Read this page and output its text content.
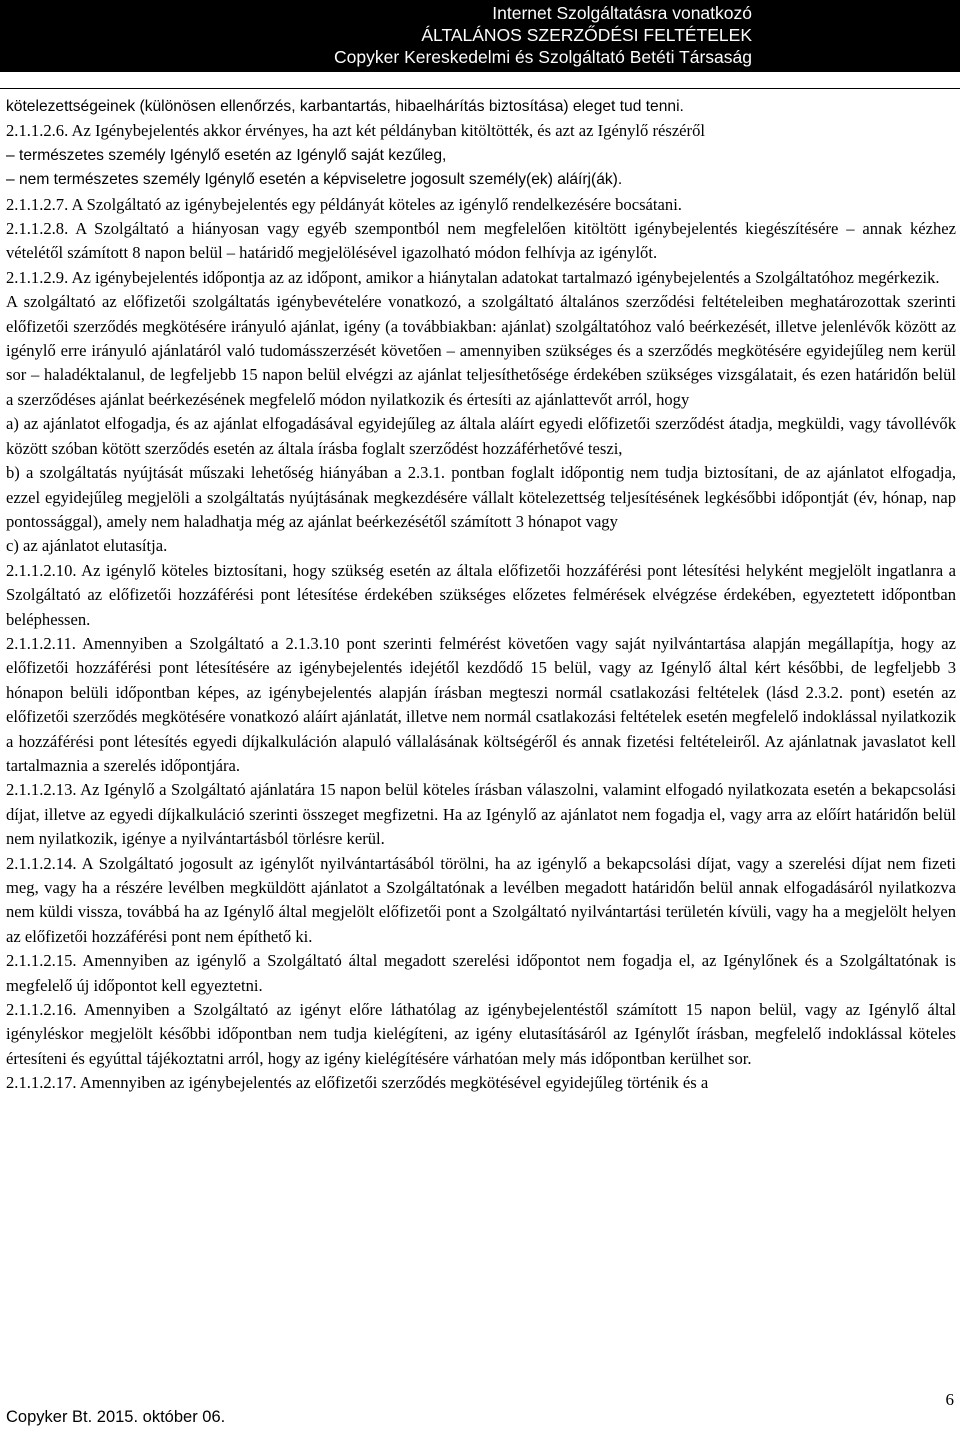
Internet Szolgáltatásra vonatkozó
ÁLTALÁNOS SZERZŐDÉSI FELTÉTELEK
Copyker Kereskedelmi és Szolgáltató Betéti Társaság

kötelezettségeinek (különösen ellenőrzés, karbantartás, hibaelhárítás biztosítása) eleget tud tenni.

2.1.1.2.6. Az Igénybejelentés akkor érvényes, ha azt két példányban kitöltötték, és azt az Igénylő részéről

– természetes személy Igénylő esetén az Igénylő saját kezűleg,

– nem természetes személy Igénylő esetén a képviseletre jogosult személy(ek) aláírj(ák).

2.1.1.2.7. A Szolgáltató az igénybejelentés egy példányát köteles az igénylő rendelkezésére bocsátani.

2.1.1.2.8. A Szolgáltató a hiányosan vagy egyéb szempontból nem megfelelően kitöltött igénybejelentés kiegészítésére – annak kézhez vételétől számított 8 napon belül – határidő megjelölésével igazolható módon felhívja az igénylőt.

2.1.1.2.9. Az igénybejelentés időpontja az az időpont, amikor a hiánytalan adatokat tartalmazó igénybejelentés a Szolgáltatóhoz megérkezik.

A szolgáltató az előfizetői szolgáltatás igénybevételére vonatkozó, a szolgáltató általános szerződési feltételeiben meghatározottak szerinti előfizetői szerződés megkötésére irányuló ajánlat, igény (a továbbiakban: ajánlat) szolgáltatóhoz való beérkezését, illetve jelenlévők között az igénylő erre irányuló ajánlatáról való tudomásszerzését követően – amennyiben szükséges és a szerződés megkötésére egyidejűleg nem kerül sor – haladéktalanul, de legfeljebb 15 napon belül elvégzi az ajánlat teljesíthetősége érdekében szükséges vizsgálatait, és ezen határidőn belül a szerződéses ajánlat beérkezésének megfelelő módon nyilatkozik és értesíti az ajánlattevőt arról, hogy

a) az ajánlatot elfogadja, és az ajánlat elfogadásával egyidejűleg az általa aláírt egyedi előfizetői szerződést átadja, megküldi, vagy távollévők között szóban kötött szerződés esetén az általa írásba foglalt szerződést hozzáférhetővé teszi,

b) a szolgáltatás nyújtását műszaki lehetőség hiányában a 2.3.1. pontban foglalt időpontig nem tudja biztosítani, de az ajánlatot elfogadja, ezzel egyidejűleg megjelöli a szolgáltatás nyújtásának megkezdésére vállalt kötelezettség teljesítésének legkésőbbi időpontját (év, hónap, nap pontossággal), amely nem haladhatja még az ajánlat beérkezésétől számított 3 hónapot vagy

c) az ajánlatot elutasítja.

2.1.1.2.10. Az igénylő köteles biztosítani, hogy szükség esetén az általa előfizetői hozzáférési pont létesítési helyként megjelölt ingatlanra a Szolgáltató az előfizetői hozzáférési pont létesítése érdekében szükséges előzetes felmérések elvégzése érdekében, egyeztetett időpontban beléphessen.

2.1.1.2.11. Amennyiben a Szolgáltató a 2.1.3.10 pont szerinti felmérést követően vagy saját nyilvántartása alapján megállapítja, hogy az előfizetői hozzáférési pont létesítésére az igénybejelentés idejétől kezdődő 15 belül, vagy az Igénylő által kért későbbi, de legfeljebb 3 hónapon belüli időpontban képes, az igénybejelentés alapján írásban megteszi normál csatlakozási feltételek (lásd 2.3.2. pont) esetén az előfizetői szerződés megkötésére vonatkozó aláírt ajánlatát, illetve nem normál csatlakozási feltételek esetén megfelelő indoklással nyilatkozik a hozzáférési pont létesítés egyedi díjkalkuláción alapuló vállalásának költségéről és annak fizetési feltételeiről. Az ajánlatnak javaslatot kell tartalmaznia a szerelés időpontjára.

2.1.1.2.13. Az Igénylő a Szolgáltató ajánlatára 15 napon belül köteles írásban válaszolni, valamint elfogadó nyilatkozata esetén a bekapcsolási díjat, illetve az egyedi díjkalkuláció szerinti összeget megfizetni. Ha az Igénylő az ajánlatot nem fogadja el, vagy arra az előírt határidőn belül nem nyilatkozik, igénye a nyilvántartásból törlésre kerül.

2.1.1.2.14. A Szolgáltató jogosult az igénylőt nyilvántartásából törölni, ha az igénylő a bekapcsolási díjat, vagy a szerelési díjat nem fizeti meg, vagy ha a részére levélben megküldött ajánlatot a Szolgáltatónak a levélben megadott határidőn belül annak elfogadásáról nyilatkozva nem küldi vissza, továbbá ha az Igénylő által megjelölt előfizetői pont a Szolgáltató nyilvántartási területén kívüli, vagy ha a megjelölt helyen az előfizetői hozzáférési pont nem építhető ki.

2.1.1.2.15. Amennyiben az igénylő a Szolgáltató által megadott szerelési időpontot nem fogadja el, az Igénylőnek és a Szolgáltatónak is megfelelő új időpontot kell egyeztetni.

2.1.1.2.16. Amennyiben a Szolgáltató az igényt előre láthatólag az igénybejelentéstől számított 15 napon belül, vagy az Igénylő által igényléskor megjelölt későbbi időpontban nem tudja kielégíteni, az igény elutasításáról az Igénylőt írásban, megfelelő indoklással köteles értesíteni és egyúttal tájékoztatni arról, hogy az igény kielégítésére várhatóan mely más időpontban kerülhet sor.

2.1.1.2.17. Amennyiben az igénybejelentés az előfizetői szerződés megkötésével egyidejűleg történik és a

6
Copyker Bt. 2015. október 06.
